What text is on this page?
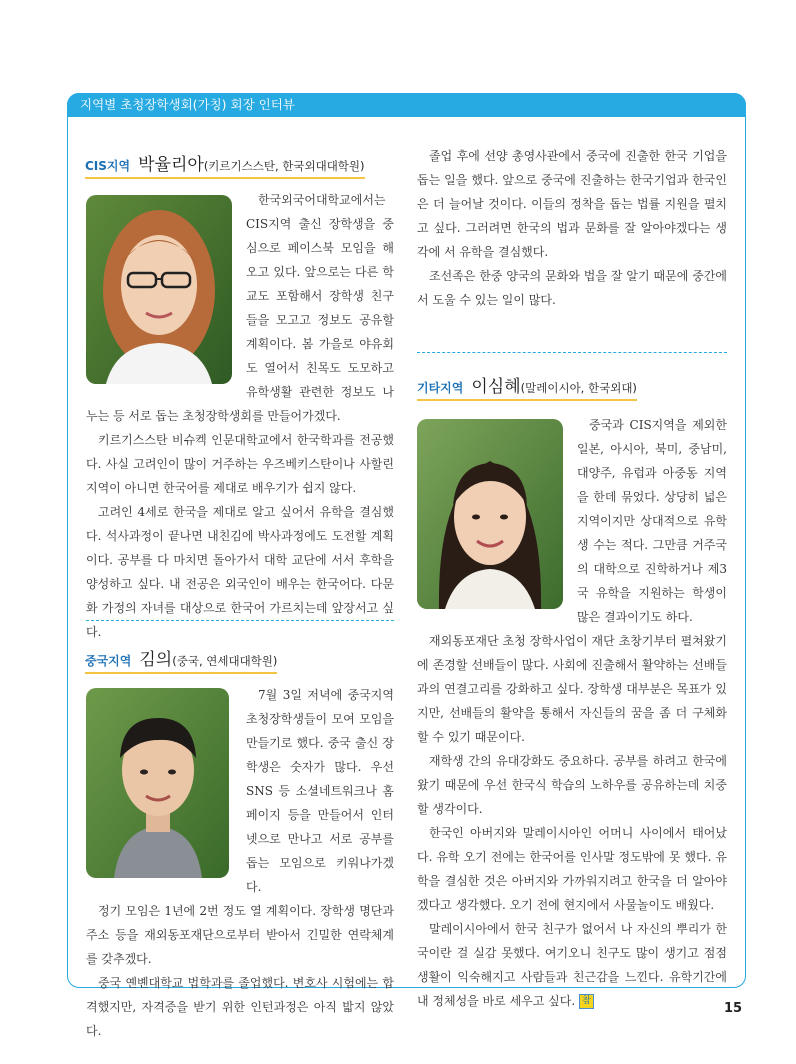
지역별 초청장학생회(가칭) 회장 인터뷰
CIS지역 박율리아(키르기스스탄, 한국외대대학원)

한국외국어대학교에서는 CIS지역 출신 장학생을 중심으로 페이스북 모임을 해오고 있다. 앞으로는 다른 학교도 포함해서 장학생 친구들을 모고고 정보도 공유할 계획이다. 봄 가을로 야유회도 열어서 친목도 도모하고 유학생활 관련한 정보도 나누는 등 서로 돕는 초청장학생회를 만들어가겠다.

키르기스스탄 비슈켁 인문대학교에서 한국학과를 전공했다. 사실 고려인이 많이 거주하는 우즈베키스탄이나 사할린지역이 아니면 한국어를 제대로 배우기가 쉽지 않다.

고려인 4세로 한국을 제대로 알고 싶어서 유학을 결심했다. 석사과정이 끝나면 내친김에 박사과정에도 도전할 계획이다. 공부를 다 마치면 돌아가서 대학 교단에 서서 후학을 양성하고 싶다. 내 전공은 외국인이 배우는 한국어다. 다문화 가정의 자녀를 대상으로 한국어 가르치는데 앞장서고 싶다.

중국지역 김의(중국, 연세대대학원)

7월 3일 저녁에 중국지역 초청장학생들이 모여 모임을 만들기로 했다. 중국 출신 장학생은 숫자가 많다. 우선 SNS 등 소셜네트워크나 홈페이지 등을 만들어서 인터넷으로 만나고 서로 공부를 돕는 모임으로 키워나가겠다.

정기 모임은 1년에 2번 정도 열 계획이다. 장학생 명단과 주소 등을 재외동포재단으로부터 받아서 긴밀한 연락체계를 갖추겠다.

중국 옌볜대학교 법학과를 졸업했다. 변호사 시험에는 합격했지만, 자격증을 받기 위한 인턴과정은 아직 밟지 않았다.

졸업 후에 선양 총영사관에서 중국에 진출한 한국 기업을 돕는 일을 했다. 앞으로 중국에 진출하는 한국기업과 한국인은 더 늘어날 것이다. 이들의 정착을 돕는 법률 지원을 펼치고 싶다. 그러려면 한국의 법과 문화를 잘 알아야겠다는 생각에 서 유학을 결심했다.

조선족은 한중 양국의 문화와 법을 잘 알기 때문에 중간에서 도울 수 있는 일이 많다.

기타지역 이심혜(말레이시아, 한국외대)

중국과 CIS지역을 제외한 일본, 아시아, 북미, 중남미, 대양주, 유럽과 아중동 지역을 한데 묶었다. 상당히 넓은 지역이지만 상대적으로 유학생 수는 적다. 그만큼 거주국의 대학으로 진학하거나 제3국 유학을 지원하는 학생이 많은 결과이기도 하다.

재외동포재단 초청 장학사업이 재단 초창기부터 펼쳐왔기에 존경할 선배들이 많다. 사회에 진출해서 활약하는 선배들과의 연결고리를 강화하고 싶다. 장학생 대부분은 목표가 있지만, 선배들의 활약을 통해서 자신들의 꿈을 좀 더 구체화할 수 있기 때문이다.

재학생 간의 유대강화도 중요하다. 공부를 하려고 한국에 왔기 때문에 우선 한국식 학습의 노하우를 공유하는데 치중할 생각이다.

한국인 아버지와 말레이시아인 어머니 사이에서 태어났다. 유학 오기 전에는 한국어를 인사말 정도밖에 못 했다. 유학을 결심한 것은 아버지와 가까워지려고 한국을 더 알아야겠다고 생각했다. 오기 전에 현지에서 사물놀이도 배웠다.

말레이시아에서 한국 친구가 없어서 나 자신의 뿌리가 한국이란 걸 실감 못했다. 여기오니 친구도 많이 생기고 점점 생활이 익숙해지고 사람들과 친근감을 느낀다. 유학기간에 내 정체성을 바로 세우고 싶다. 참	15
